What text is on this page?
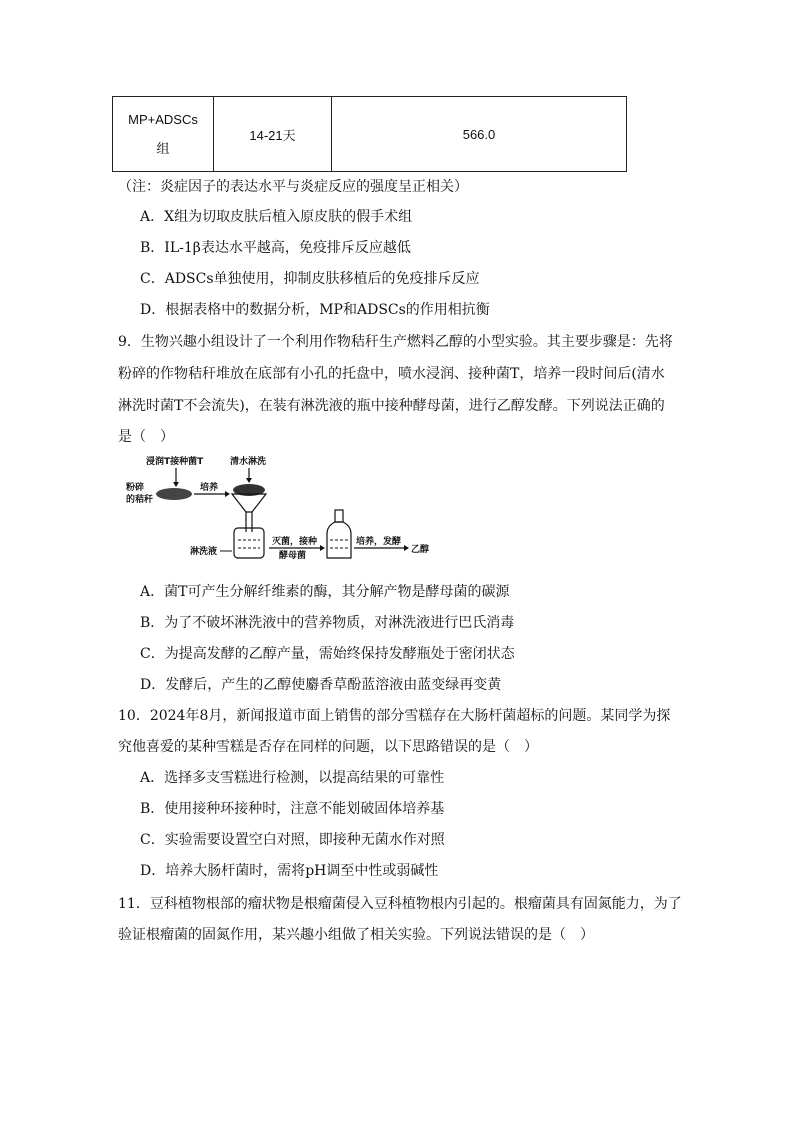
MP+ADSCs
组	14-21天	566.0
（注：炎症因子的表达水平与炎症反应的强度呈正相关）
A．X组为切取皮肤后植入原皮肤的假手术组
B．IL-1β表达水平越高，免疫排斥反应越低
C．ADSCs单独使用，抑制皮肤移植后的免疫排斥反应
D．根据表格中的数据分析，MP和ADSCs的作用相抗衡
9．生物兴趣小组设计了一个利用作物秸秆生产燃料乙醇的小型实验。其主要步骤是：先将
粉碎的作物秸秆堆放在底部有小孔的托盘中，喷水浸润、接种菌T，培养一段时间后(清水
淋洗时菌T不会流失)，在装有淋洗液的瓶中接种酵母菌，进行乙醇发酵。下列说法正确的
是（　）
粉碎
的秸秆
浸润T接种菌T
培养
清水淋洗
淋洗液
灭菌，接种
酵母菌
培养，发酵
乙醇
A．菌T可产生分解纤维素的酶，其分解产物是酵母菌的碳源
B．为了不破坏淋洗液中的营养物质，对淋洗液进行巴氏消毒
C．为提高发酵的乙醇产量，需始终保持发酵瓶处于密闭状态
D．发酵后，产生的乙醇使麝香草酚蓝溶液由蓝变绿再变黄
10．2024年8月，新闻报道市面上销售的部分雪糕存在大肠杆菌超标的问题。某同学为探
究他喜爱的某种雪糕是否存在同样的问题，以下思路错误的是（　）
A．选择多支雪糕进行检测，以提高结果的可靠性
B．使用接种环接种时，注意不能划破固体培养基
C．实验需要设置空白对照，即接种无菌水作对照
D．培养大肠杆菌时，需将pH调至中性或弱碱性
11．豆科植物根部的瘤状物是根瘤菌侵入豆科植物根内引起的。根瘤菌具有固氮能力，为了
验证根瘤菌的固氮作用，某兴趣小组做了相关实验。下列说法错误的是（　）
